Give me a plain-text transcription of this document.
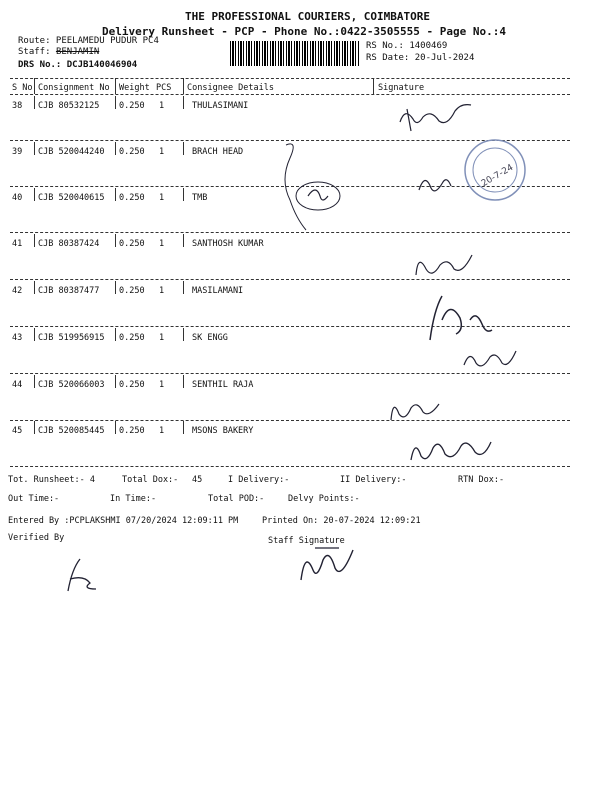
THE PROFESSIONAL COURIERS, COIMBATORE
Delivery Runsheet - PCP - Phone No.:0422-3505555 - Page No.:4
Route: PEELAMEDU PUDUR PC4
Staff: BENJAMIN
DRS No.: DCJB140046904
RS No.: 1400469
RS Date: 20-Jul-2024
S No Consignment No Weight PCS Consignee Details	Signature
38 CJB 80532125 0.250 1	THULASIMANI
39 CJB 520044240 0.250 1	BRACH HEAD
40 CJB 520040615 0.250 1	TMB
41 CJB 80387424 0.250 1	SANTHOSH KUMAR
42 CJB 80387477 0.250 1	MASILAMANI
43 CJB 519956915 0.250 1	SK ENGG
44 CJB 520066003 0.250 1	SENTHIL RAJA
45 CJB 520085445 0.250 1	MSONS BAKERY
20-7-24
Tot. Runsheet:- 4	Total Dox:- 45	I Delivery:-	II Delivery:-	RTN Dox:-
Out Time:-	In Time:-	Total POD:-	Delvy Points:-
Entered By :PCPLAKSHMI 07/20/2024 12:09:11 PM	Printed On: 20-07-2024 12:09:21
Verified By	Staff Signature
